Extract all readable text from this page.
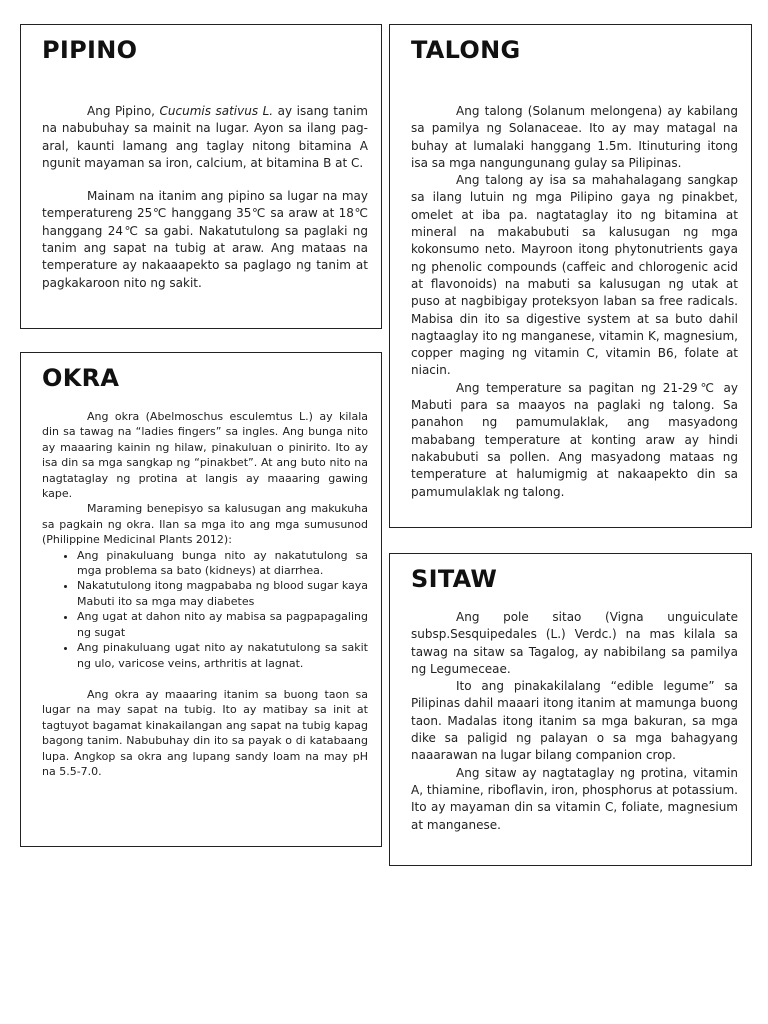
PIPINO

Ang Pipino, Cucumis sativus L. ay isang tanim na nabubuhay sa mainit na lugar. Ayon sa ilang pag-aral, kaunti lamang ang taglay nitong bitamina A ngunit mayaman sa iron, calcium, at bitamina B at C.

Mainam na itanim ang pipino sa lugar na may temperatureng 25℃ hanggang 35℃ sa araw at 18℃ hanggang 24℃ sa gabi. Nakatutulong sa paglaki ng tanim ang sapat na tubig at araw. Ang mataas na temperature ay nakaaapekto sa paglago ng tanim at pagkakaroon nito ng sakit.

OKRA

Ang okra (Abelmoschus esculemtus L.) ay kilala din sa tawag na “ladies fingers” sa ingles. Ang bunga nito ay maaaring kainin ng hilaw, pinakuluan o pinirito. Ito ay isa din sa mga sangkap ng “pinakbet”. At ang buto nito na nagtataglay ng protina at langis ay maaaring gawing kape.

Maraming benepisyo sa kalusugan ang makukuha sa pagkain ng okra. Ilan sa mga ito ang mga sumusunod (Philippine Medicinal Plants 2012):

• Ang pinakuluang bunga nito ay nakatutulong sa mga problema sa bato (kidneys) at diarrhea.
• Nakatutulong itong magpababa ng blood sugar kaya Mabuti ito sa mga may diabetes
• Ang ugat at dahon nito ay mabisa sa pagpapagaling ng sugat
• Ang pinakuluang ugat nito ay nakatutulong sa sakit ng ulo, varicose veins, arthritis at lagnat.

Ang okra ay maaaring itanim sa buong taon sa lugar na may sapat na tubig. Ito ay matibay sa init at tagtuyot bagamat kinakailangan ang sapat na tubig kapag bagong tanim. Nabubuhay din ito sa payak o di katabaang lupa. Angkop sa okra ang lupang sandy loam na may pH na 5.5-7.0.

TALONG

Ang talong (Solanum melongena) ay kabilang sa pamilya ng Solanaceae. Ito ay may matagal na buhay at lumalaki hanggang 1.5m. Itinuturing itong isa sa mga nangungunang gulay sa Pilipinas.

Ang talong ay isa sa mahahalagang sangkap sa ilang lutuin ng mga Pilipino gaya ng pinakbet, omelet at iba pa. nagtataglay ito ng bitamina at mineral na makabubuti sa kalusugan ng mga kokonsumo neto. Mayroon itong phytonutrients gaya ng phenolic compounds (caffeic and chlorogenic acid at flavonoids) na mabuti sa kalusugan ng utak at puso at nagbibigay proteksyon laban sa free radicals. Mabisa din ito sa digestive system at sa buto dahil nagtaaglay ito ng manganese, vitamin K, magnesium, copper maging ng vitamin C, vitamin B6, folate at niacin.

Ang temperature sa pagitan ng 21-29℃ ay Mabuti para sa maayos na paglaki ng talong. Sa panahon ng pamumulaklak, ang masyadong mababang temperature at konting araw ay hindi nakabubuti sa pollen. Ang masyadong mataas ng temperature at halumigmig at nakaapekto din sa pamumulaklak ng talong.

SITAW

Ang pole sitao (Vigna unguiculate subsp.Sesquipedales (L.) Verdc.) na mas kilala sa tawag na sitaw sa Tagalog, ay nabibilang sa pamilya ng Legumeceae.

Ito ang pinakakilalang “edible legume” sa Pilipinas dahil maaari itong itanim at mamunga buong taon. Madalas itong itanim sa mga bakuran, sa mga dike sa paligid ng palayan o sa mga bahagyang naaarawan na lugar bilang companion crop.

Ang sitaw ay nagtataglay ng protina, vitamin A, thiamine, riboflavin, iron, phosphorus at potassium. Ito ay mayaman din sa vitamin C, foliate, magnesium at manganese.
